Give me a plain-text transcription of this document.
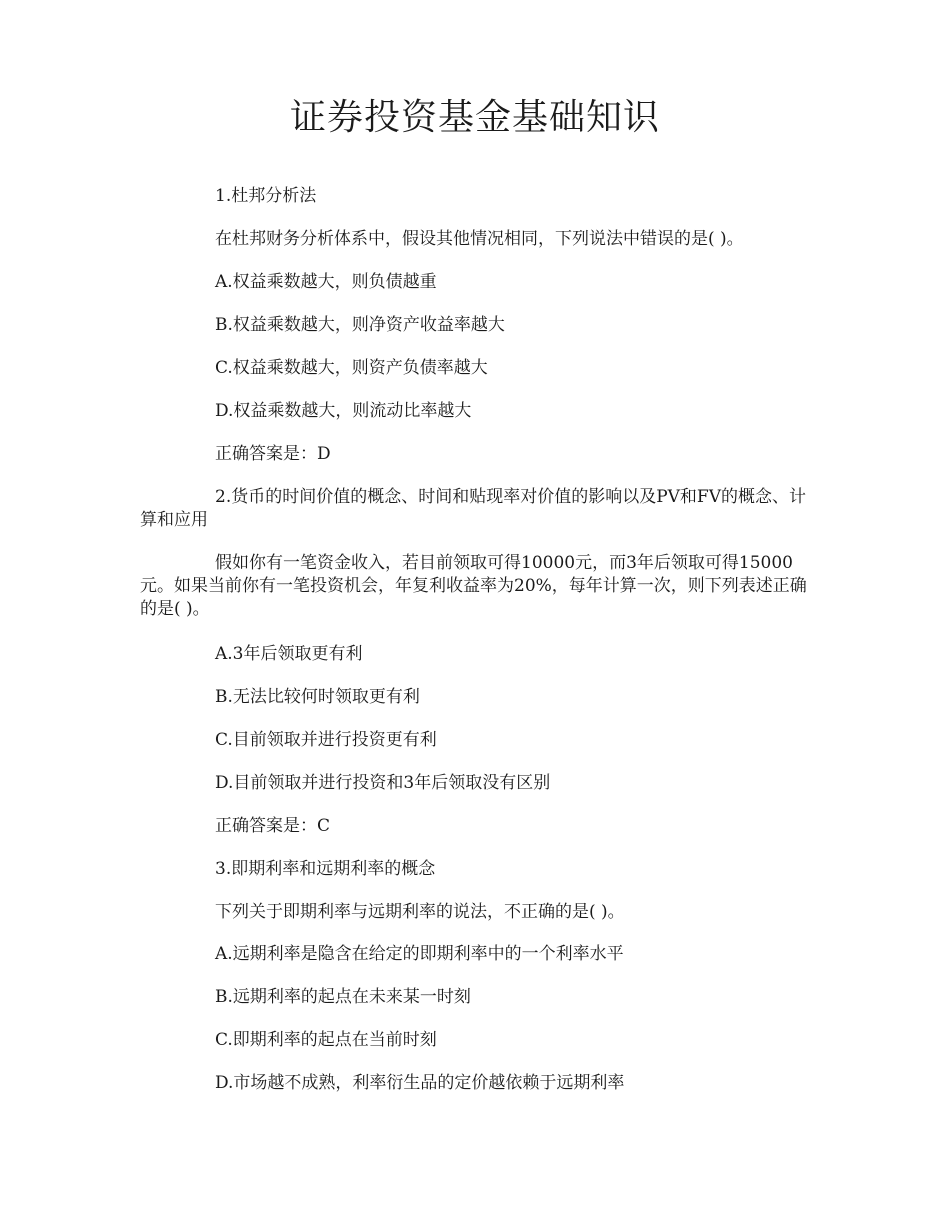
证券投资基金基础知识
1.杜邦分析法
在杜邦财务分析体系中，假设其他情况相同，下列说法中错误的是( )。
A.权益乘数越大，则负债越重
B.权益乘数越大，则净资产收益率越大
C.权益乘数越大，则资产负债率越大
D.权益乘数越大，则流动比率越大
正确答案是：D
2.货币的时间价值的概念、时间和贴现率对价值的影响以及PV和FV的概念、计算和应用
假如你有一笔资金收入，若目前领取可得10000元，而3年后领取可得15000元。如果当前你有一笔投资机会，年复利收益率为20%，每年计算一次，则下列表述正确的是( )。
A.3年后领取更有利
B.无法比较何时领取更有利
C.目前领取并进行投资更有利
D.目前领取并进行投资和3年后领取没有区别
正确答案是：C
3.即期利率和远期利率的概念
下列关于即期利率与远期利率的说法，不正确的是( )。
A.远期利率是隐含在给定的即期利率中的一个利率水平
B.远期利率的起点在未来某一时刻
C.即期利率的起点在当前时刻
D.市场越不成熟，利率衍生品的定价越依赖于远期利率
